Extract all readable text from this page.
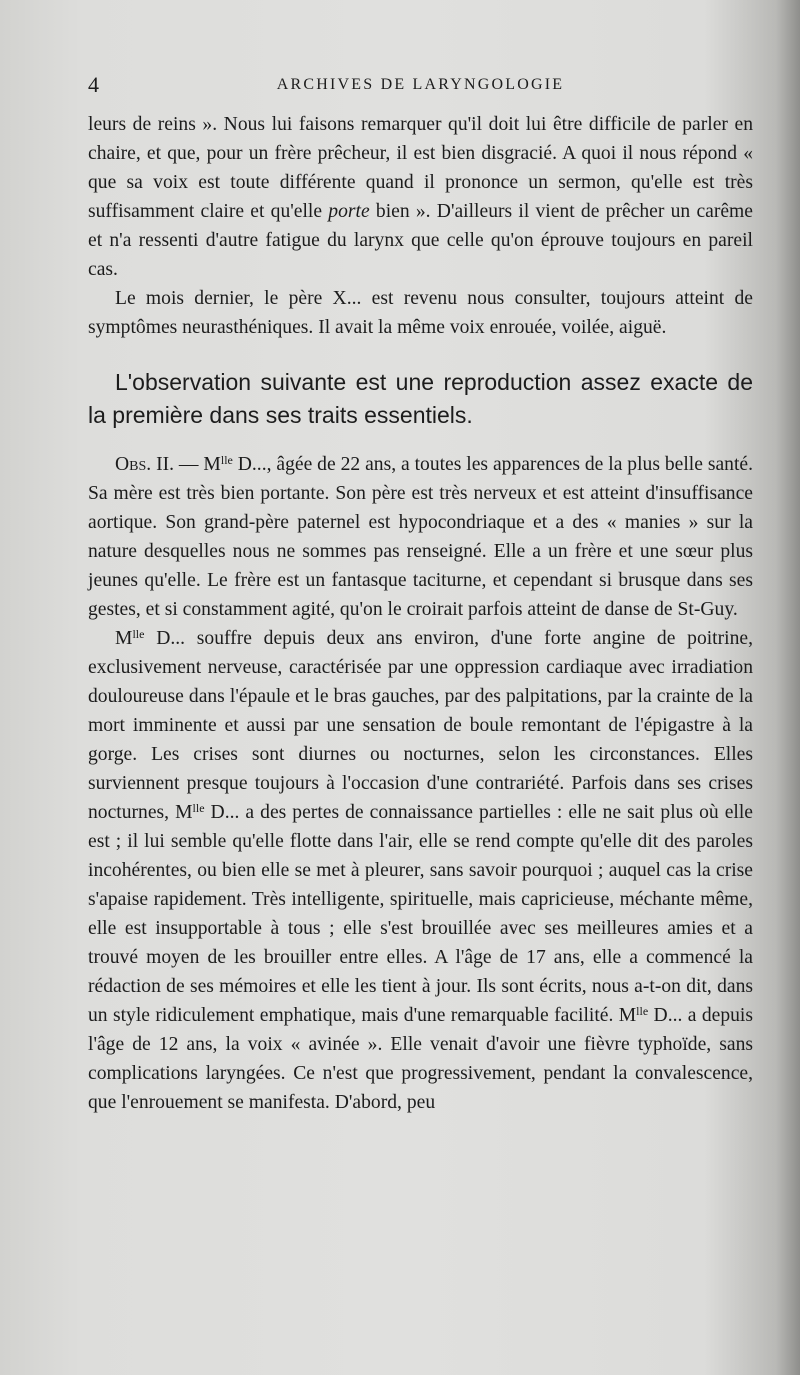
4	ARCHIVES DE LARYNGOLOGIE

leurs de reins ». Nous lui faisons remarquer qu'il doit lui être difficile de parler en chaire, et que, pour un frère prêcheur, il est bien disgracié. A quoi il nous répond « que sa voix est toute différente quand il prononce un sermon, qu'elle est très suffisamment claire et qu'elle porte bien ». D'ailleurs il vient de prêcher un carême et n'a ressenti d'autre fatigue du larynx que celle qu'on éprouve toujours en pareil cas.

Le mois dernier, le père X... est revenu nous consulter, toujours atteint de symptômes neurasthéniques. Il avait la même voix enrouée, voilée, aiguë.

L'observation suivante est une reproduction assez exacte de la première dans ses traits essentiels.

Obs. II. — $M^{lle}$ D..., âgée de 22 ans, a toutes les apparences de la plus belle santé. Sa mère est très bien portante. Son père est très nerveux et est atteint d'insuffisance aortique. Son grand-père paternel est hypocondriaque et a des « manies » sur la nature desquelles nous ne sommes pas renseigné. Elle a un frère et une sœur plus jeunes qu'elle. Le frère est un fantasque taciturne, et cependant si brusque dans ses gestes, et si constamment agité, qu'on le croirait parfois atteint de danse de St-Guy.

$M^{lle}$ D... souffre depuis deux ans environ, d'une forte angine de poitrine, exclusivement nerveuse, caractérisée par une oppression cardiaque avec irradiation douloureuse dans l'épaule et le bras gauches, par des palpitations, par la crainte de la mort imminente et aussi par une sensation de boule remontant de l'épigastre à la gorge. Les crises sont diurnes ou nocturnes, selon les circonstances. Elles surviennent presque toujours à l'occasion d'une contrariété. Parfois dans ses crises nocturnes, $M^{lle}$ D... a des pertes de connaissance partielles : elle ne sait plus où elle est ; il lui semble qu'elle flotte dans l'air, elle se rend compte qu'elle dit des paroles incohérentes, ou bien elle se met à pleurer, sans savoir pourquoi ; auquel cas la crise s'apaise rapidement. Très intelligente, spirituelle, mais capricieuse, méchante même, elle est insupportable à tous ; elle s'est brouillée avec ses meilleures amies et a trouvé moyen de les brouiller entre elles. A l'âge de 17 ans, elle a commencé la rédaction de ses mémoires et elle les tient à jour. Ils sont écrits, nous a-t-on dit, dans un style ridiculement emphatique, mais d'une remarquable facilité. $M^{lle}$ D... a depuis l'âge de 12 ans, la voix « avinée ». Elle venait d'avoir une fièvre typhoïde, sans complications laryngées. Ce n'est que progressivement, pendant la convalescence, que l'enrouement se manifesta. D'abord, peu
